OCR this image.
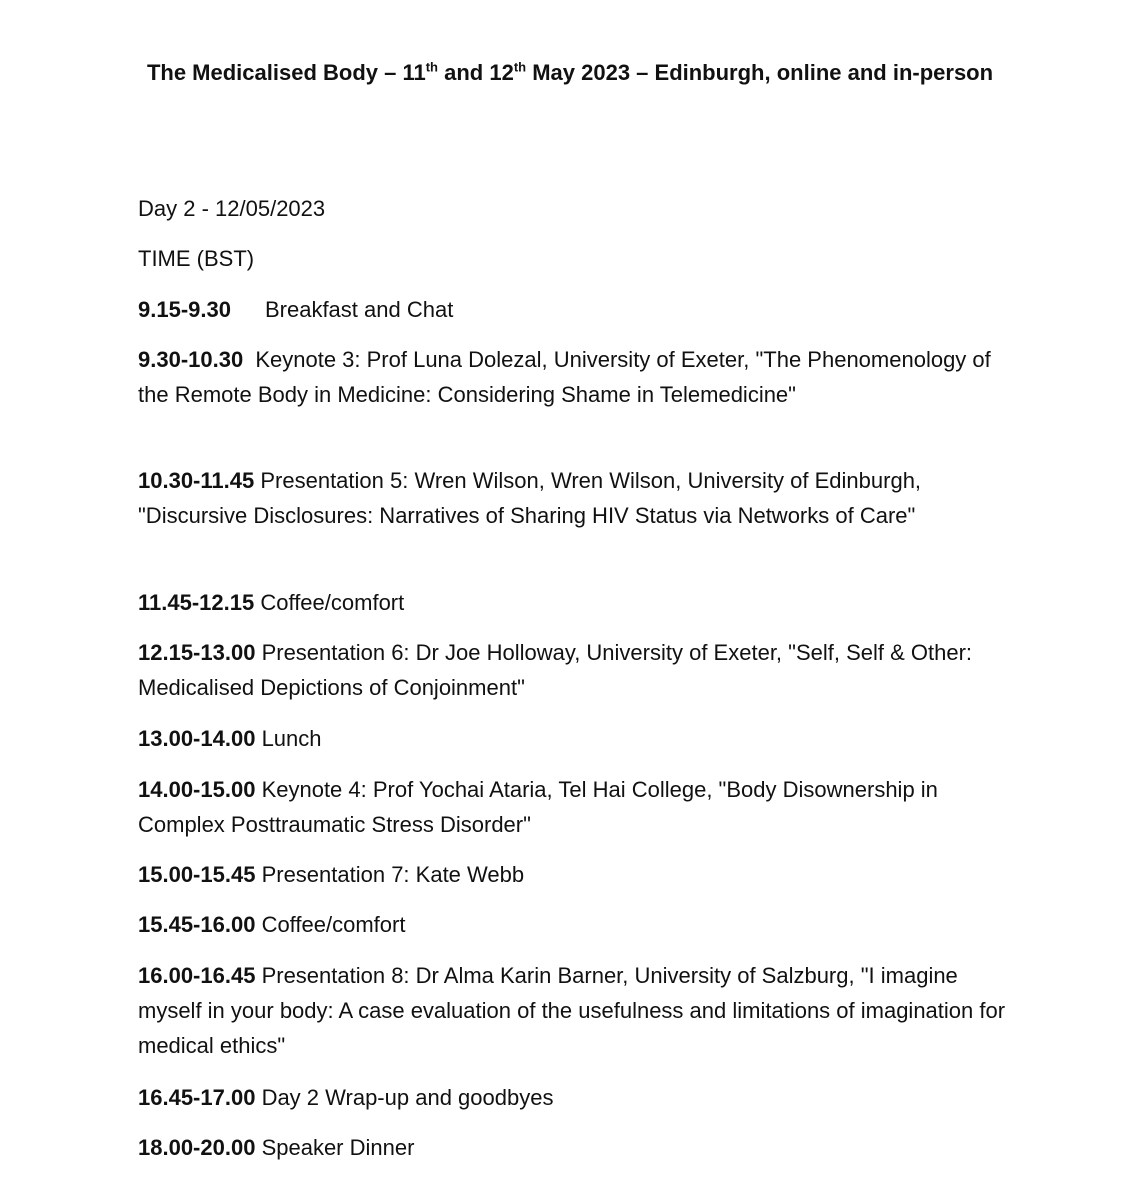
The Medicalised Body – 11th and 12th May 2023 – Edinburgh, online and in-person

Day 2 - 12/05/2023

TIME (BST)

9.15-9.30 Breakfast and Chat

9.30-10.30 Keynote 3: Prof Luna Dolezal, University of Exeter, "The Phenomenology of the Remote Body in Medicine: Considering Shame in Telemedicine"

10.30-11.45 Presentation 5: Wren Wilson, Wren Wilson, University of Edinburgh, "Discursive Disclosures: Narratives of Sharing HIV Status via Networks of Care"

11.45-12.15 Coffee/comfort

12.15-13.00 Presentation 6: Dr Joe Holloway, University of Exeter, "Self, Self & Other: Medicalised Depictions of Conjoinment"

13.00-14.00 Lunch

14.00-15.00 Keynote 4: Prof Yochai Ataria, Tel Hai College, "Body Disownership in Complex Posttraumatic Stress Disorder"

15.00-15.45 Presentation 7: Kate Webb

15.45-16.00 Coffee/comfort

16.00-16.45 Presentation 8: Dr Alma Karin Barner, University of Salzburg, "I imagine myself in your body: A case evaluation of the usefulness and limitations of imagination for medical ethics"

16.45-17.00 Day 2 Wrap-up and goodbyes

18.00-20.00 Speaker Dinner
